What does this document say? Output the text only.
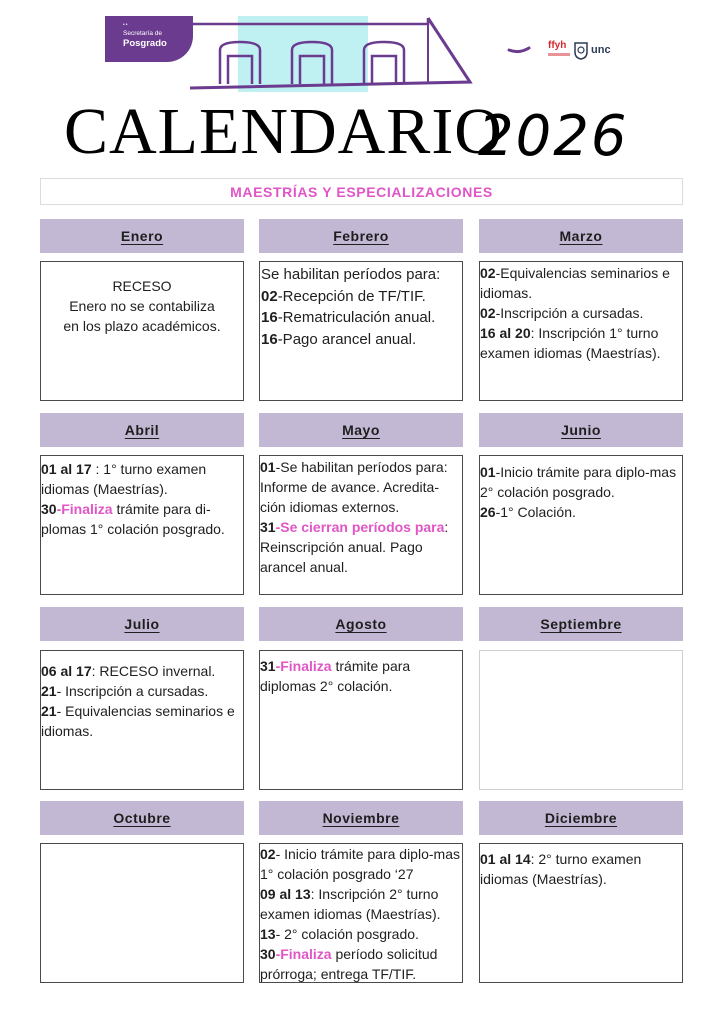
••
Secretaría de
Posgrado	ffyh unc
CALENDARIO
2026
MAESTRÍAS Y ESPECIALIZACIONES
Enero	Febrero	Marzo
RECESO
Enero no se contabiliza
en los plazo académicos.
Se habilitan períodos para:
02-Recepción de TF/TIF.
16-Rematriculación anual.
16-Pago arancel anual.
02-Equivalencias seminarios e idiomas.
02-Inscripción a cursadas.
16 al 20: Inscripción 1° turno examen idiomas (Maestrías).
Abril	Mayo	Junio
01 al 17 : 1° turno examen idiomas (Maestrías).
30-Finaliza trámite para di-plomas 1° colación posgrado.
01-Se habilitan períodos para: Informe de avance. Acredita-ción idiomas externos.
31-Se cierran períodos para: Reinscripción anual. Pago arancel anual.
01-Inicio trámite para diplo-mas 2° colación posgrado.
26-1° Colación.
Julio	Agosto	Septiembre
06 al 17: RECESO invernal.
21- Inscripción a cursadas.
21- Equivalencias seminarios e idiomas.
31-Finaliza trámite para diplomas 2° colación.
Octubre	Noviembre	Diciembre
02- Inicio trámite para diplo-mas 1° colación posgrado ‘27
09 al 13: Inscripción 2° turno examen idiomas (Maestrías).
13- 2° colación posgrado.
30-Finaliza período solicitud prórroga; entrega TF/TIF.
01 al 14: 2° turno examen idiomas (Maestrías).
